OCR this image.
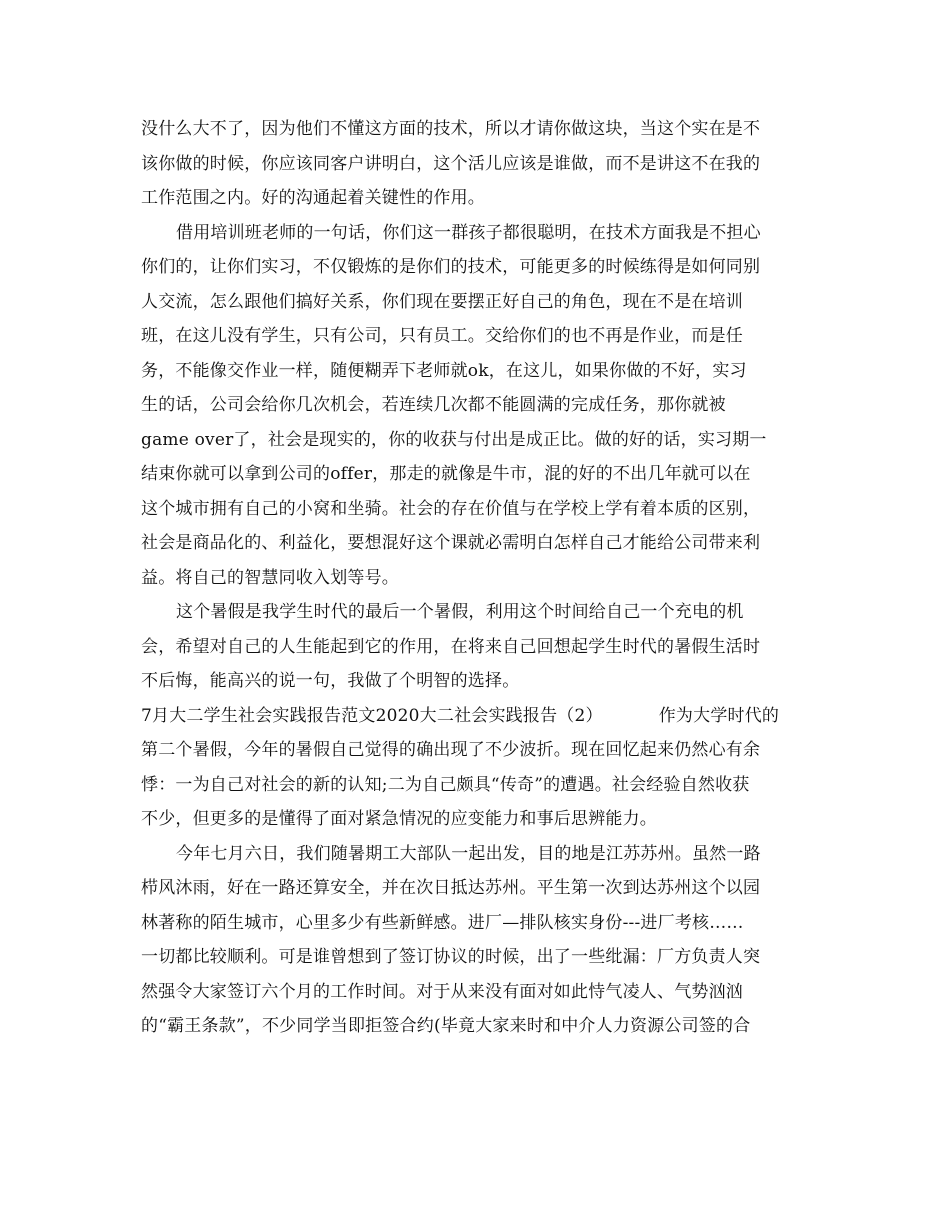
没什么大不了，因为他们不懂这方面的技术，所以才请你做这块，当这个实在是不
该你做的时候，你应该同客户讲明白，这个活儿应该是谁做，而不是讲这不在我的
工作范围之内。好的沟通起着关键性的作用。
借用培训班老师的一句话，你们这一群孩子都很聪明，在技术方面我是不担心
你们的，让你们实习，不仅锻炼的是你们的技术，可能更多的时候练得是如何同别
人交流，怎么跟他们搞好关系，你们现在要摆正好自己的角色，现在不是在培训
班，在这儿没有学生，只有公司，只有员工。交给你们的也不再是作业，而是任
务，不能像交作业一样，随便糊弄下老师就ok，在这儿，如果你做的不好，实习
生的话，公司会给你几次机会，若连续几次都不能圆满的完成任务，那你就被
game over了，社会是现实的，你的收获与付出是成正比。做的好的话，实习期一
结束你就可以拿到公司的offer，那走的就像是牛市，混的好的不出几年就可以在
这个城市拥有自己的小窝和坐骑。社会的存在价值与在学校上学有着本质的区别，
社会是商品化的、利益化，要想混好这个课就必需明白怎样自己才能给公司带来利
益。将自己的智慧同收入划等号。
这个暑假是我学生时代的最后一个暑假，利用这个时间给自己一个充电的机
会，希望对自己的人生能起到它的作用，在将来自己回想起学生时代的暑假生活时
不后悔，能高兴的说一句，我做了个明智的选择。
7月大二学生社会实践报告范文2020大二社会实践报告（2）          作为大学时代的
第二个暑假，今年的暑假自己觉得的确出现了不少波折。现在回忆起来仍然心有余
悸：一为自己对社会的新的认知;二为自己颇具“传奇”的遭遇。社会经验自然收获
不少，但更多的是懂得了面对紧急情况的应变能力和事后思辨能力。
今年七月六日，我们随暑期工大部队一起出发，目的地是江苏苏州。虽然一路
栉风沐雨，好在一路还算安全，并在次日抵达苏州。平生第一次到达苏州这个以园
林著称的陌生城市，心里多少有些新鲜感。进厂—排队核实身份---进厂考核……
一切都比较顺利。可是谁曾想到了签订协议的时候，出了一些纰漏：厂方负责人突
然强令大家签订六个月的工作时间。对于从来没有面对如此恃气凌人、气势汹汹
的“霸王条款”，不少同学当即拒签合约(毕竟大家来时和中介人力资源公司签的合
